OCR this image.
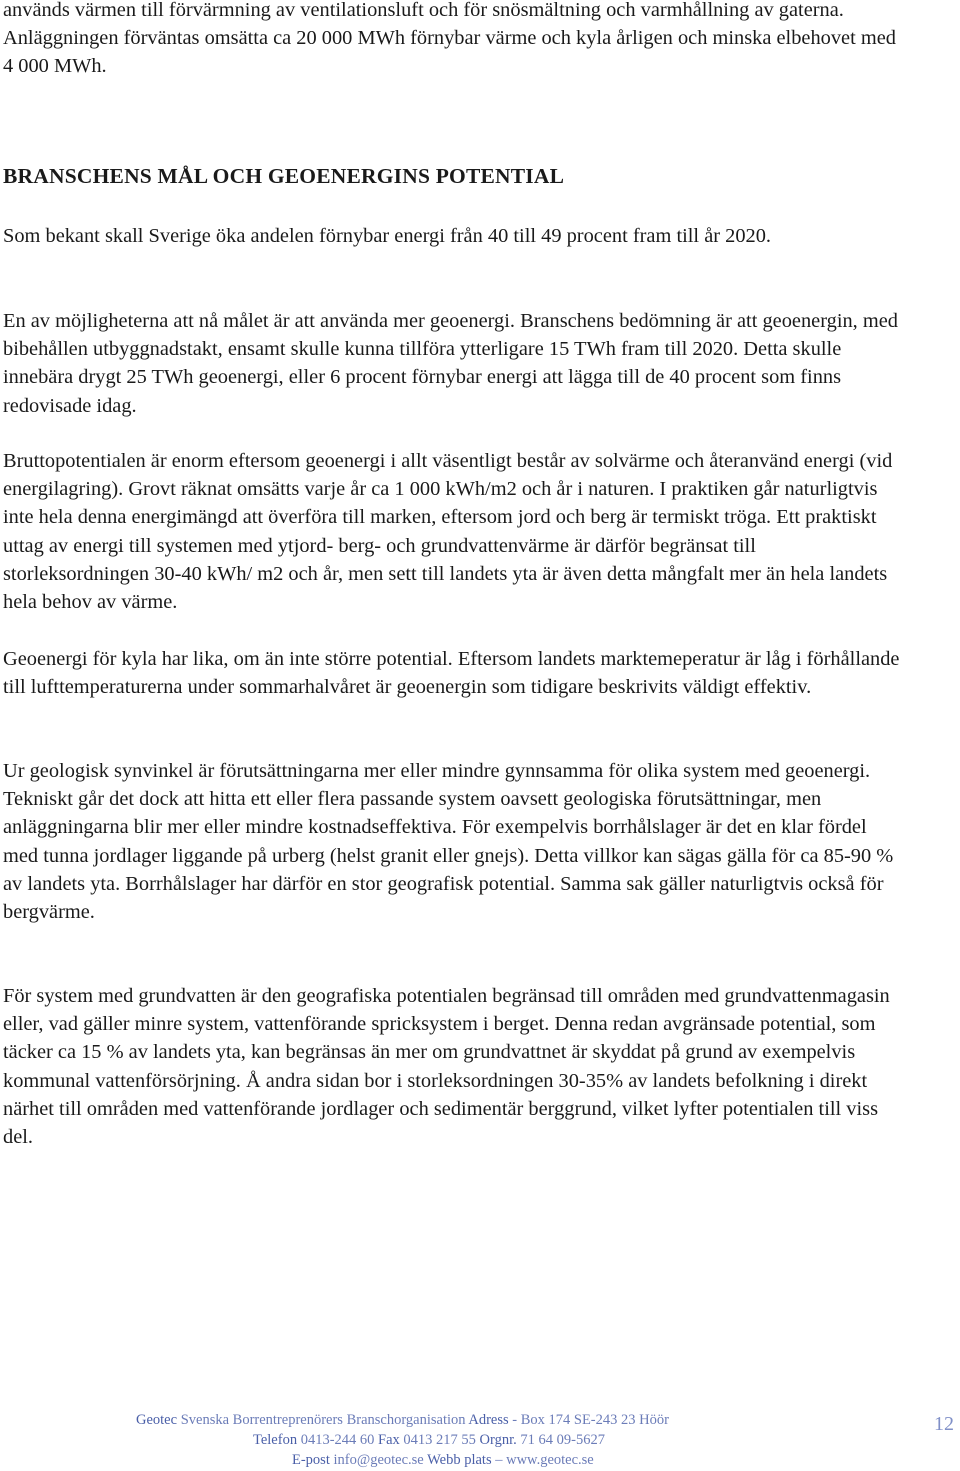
används värmen till förvärmning av ventilationsluft och för snösmältning och varmhållning av gaterna. Anläggningen förväntas omsätta ca 20 000 MWh förnybar värme och kyla årligen och minska elbehovet med 4 000 MWh.

BRANSCHENS MÅL OCH GEOENERGINS POTENTIAL

Som bekant skall Sverige öka andelen förnybar energi från 40 till 49 procent fram till år 2020.

En av möjligheterna att nå målet är att använda mer geoenergi. Branschens bedömning är att geoenergin, med bibehållen utbyggnadstakt, ensamt skulle kunna tillföra ytterligare 15 TWh fram till 2020. Detta skulle innebära drygt 25 TWh geoenergi, eller 6 procent förnybar energi att lägga till de 40 procent som finns redovisade idag.

Bruttopotentialen är enorm eftersom geoenergi i allt väsentligt består av solvärme och återanvänd energi (vid energilagring). Grovt räknat omsätts varje år ca 1 000 kWh/m2 och år i naturen. I praktiken går naturligtvis inte hela denna energimängd att överföra till marken, eftersom jord och berg är termiskt tröga. Ett praktiskt uttag av energi till systemen med ytjord- berg- och grundvattenvärme är därför begränsat till storleksordningen 30-40 kWh/ m2 och år, men sett till landets yta är även detta mångfalt mer än hela landets hela behov av värme.

Geoenergi för kyla har lika, om än inte större potential. Eftersom landets marktemeperatur är låg i förhållande till lufttemperaturerna under sommarhalvåret är geoenergin som tidigare beskrivits väldigt effektiv.

Ur geologisk synvinkel är förutsättningarna mer eller mindre gynnsamma för olika system med geoenergi. Tekniskt går det dock att hitta ett eller flera passande system oavsett geologiska förutsättningar, men anläggningarna blir mer eller mindre kostnadseffektiva. För exempelvis borrhålslager är det en klar fördel med tunna jordlager liggande på urberg (helst granit eller gnejs). Detta villkor kan sägas gälla för ca 85-90 % av landets yta. Borrhålslager har därför en stor geografisk potential. Samma sak gäller naturligtvis också för bergvärme.

För system med grundvatten är den geografiska potentialen begränsad till områden med grundvattenmagasin eller, vad gäller minre system, vattenförande spricksystem i berget. Denna redan avgränsade potential, som täcker ca 15 % av landets yta, kan begränsas än mer om grundvattnet är skyddat på grund av exempelvis kommunal vattenförsörjning. Å andra sidan bor i storleksordningen 30-35% av landets befolkning i direkt närhet till områden med vattenförande jordlager och sedimentär berggrund, vilket lyfter potentialen till viss del.

Geotec Svenska Borrentreprenörers Branschorganisation Adress - Box 174 SE-243 23 Höör
Telefon 0413-244 60 Fax 0413 217 55 Orgnr. 71 64 09-5627
E-post info@geotec.se Webb plats – www.geotec.se
12
